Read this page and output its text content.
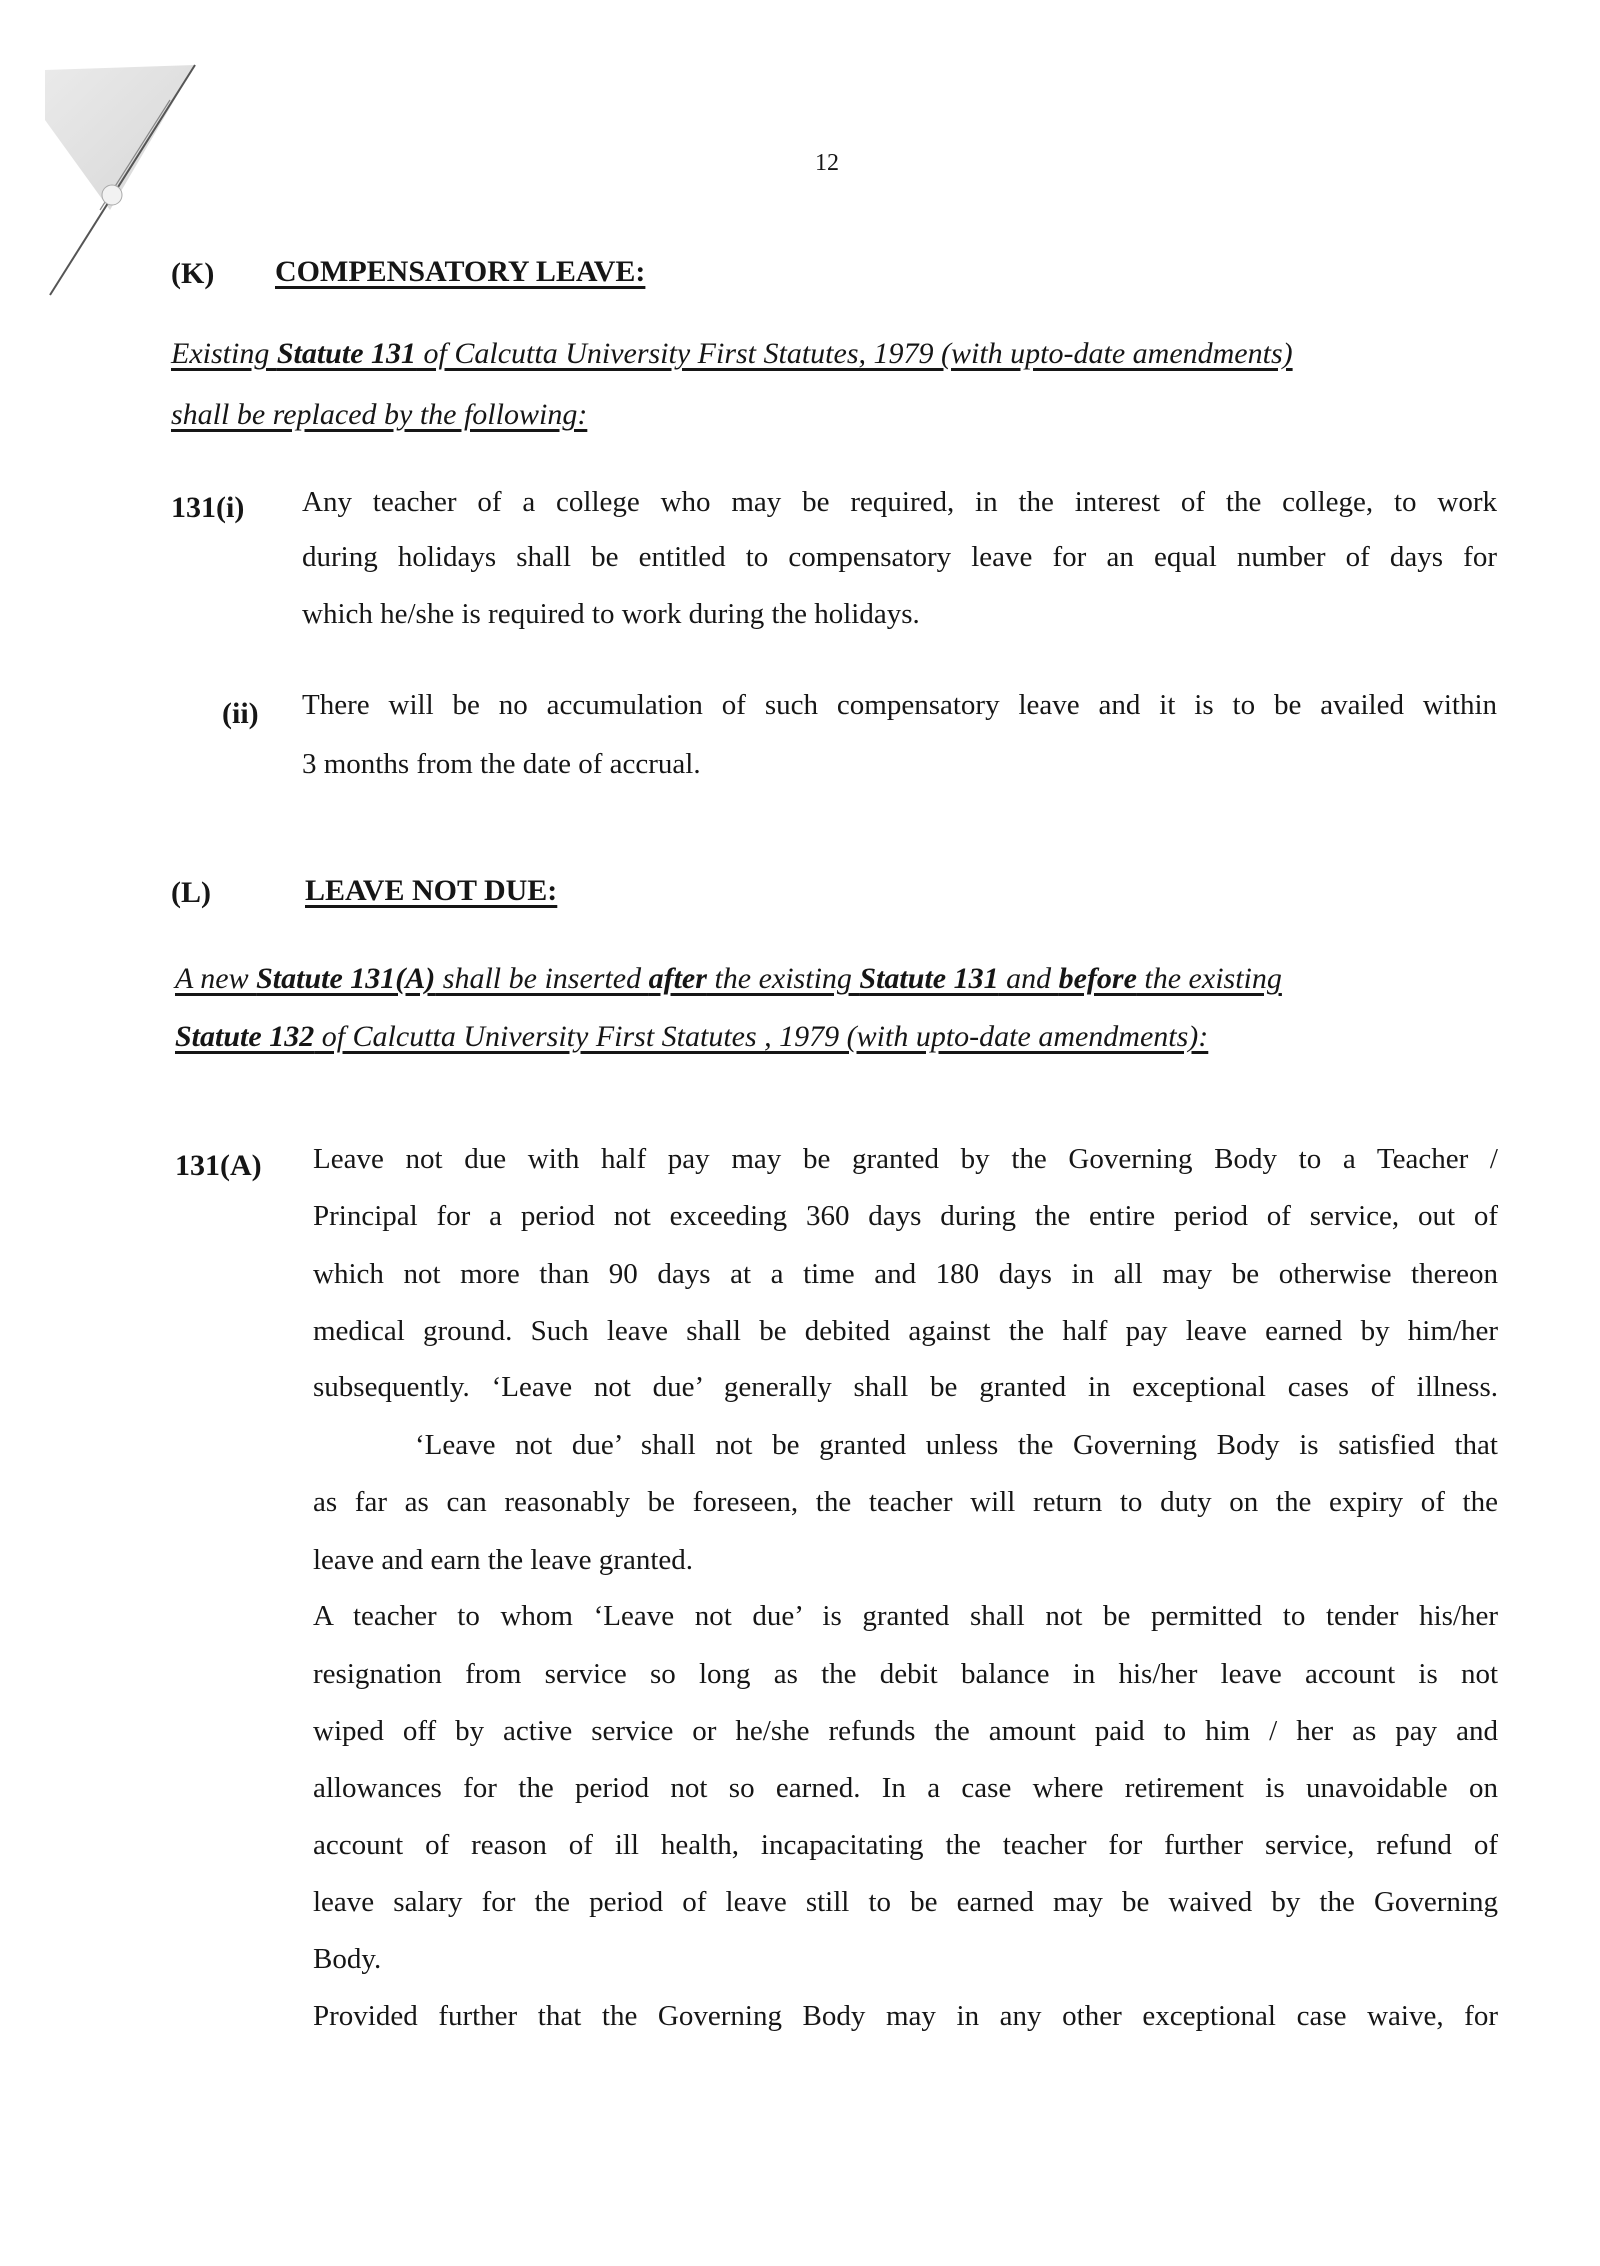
12
(K) COMPENSATORY LEAVE:
Existing Statute 131 of Calcutta University First Statutes, 1979 (with upto-date amendments)
shall be replaced by the following:
131(i) Any teacher of a college who may be required, in the interest of the college, to work
during holidays shall be entitled to compensatory leave for an equal number of days for
which he/she is required to work during the holidays.
(ii) There will be no accumulation of such compensatory leave and it is to be availed within
3 months from the date of accrual.
(L)	LEAVE NOT DUE:
A new Statute 131(A) shall be inserted after the existing Statute 131 and before the existing
Statute 132 of Calcutta University First Statutes , 1979 (with upto-date amendments):
131(A) Leave not due with half pay may be granted by the Governing Body to a Teacher /
Principal for a period not exceeding 360 days during the entire period of service, out of
which not more than 90 days at a time and 180 days in all may be otherwise thereon
medical ground. Such leave shall be debited against the half pay leave earned by him/her
subsequently. ‘Leave not due’ generally shall be granted in exceptional cases of illness.
‘Leave not due’ shall not be granted unless the Governing Body is satisfied that
as far as can reasonably be foreseen, the teacher will return to duty on the expiry of the
leave and earn the leave granted.
A teacher to whom ‘Leave not due’ is granted shall not be permitted to tender his/her
resignation from service so long as the debit balance in his/her leave account is not
wiped off by active service or he/she refunds the amount paid to him / her as pay and
allowances for the period not so earned. In a case where retirement is unavoidable on
account of reason of ill health, incapacitating the teacher for further service, refund of
leave salary for the period of leave still to be earned may be waived by the Governing
Body.
Provided further that the Governing Body may in any other exceptional case waive, for
